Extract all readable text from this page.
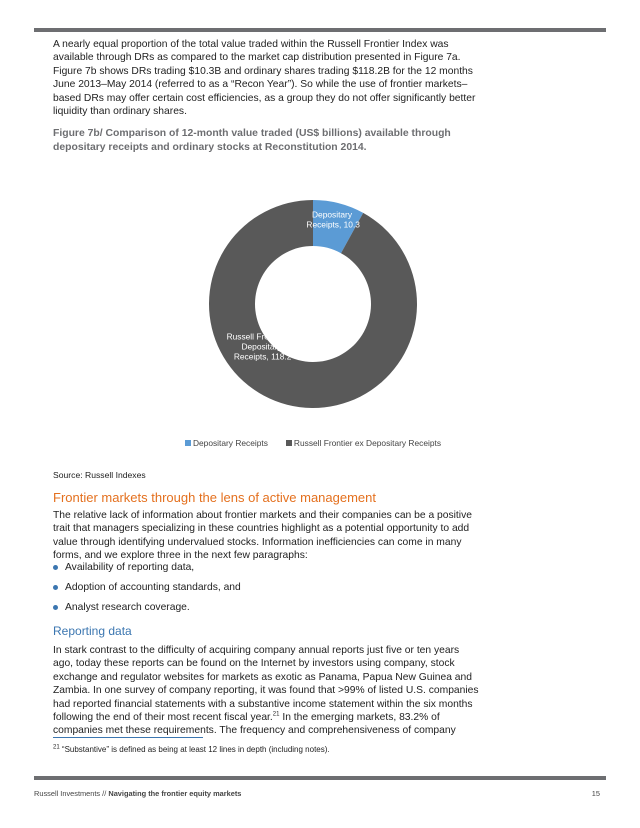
A nearly equal proportion of the total value traded within the Russell Frontier Index was
available through DRs as compared to the market cap distribution presented in Figure 7a.
Figure 7b shows DRs trading $10.3B and ordinary shares trading $118.2B for the 12 months
June 2013–May 2014 (referred to as a “Recon Year”). So while the use of frontier markets–
based DRs may offer certain cost efficiencies, as a group they do not offer significantly better
liquidity than ordinary shares.
Figure 7b/ Comparison of 12-month value traded (US$ billions) available through
depositary receipts and ordinary stocks at Reconstitution 2014.
Depositary Receipts, 10.3
Russell Frontier ex Depositary Receipts, 118.2
Depositary Receipts	Russell Frontier ex Depositary Receipts
Source: Russell Indexes
Frontier markets through the lens of active management
The relative lack of information about frontier markets and their companies can be a positive
trait that managers specializing in these countries highlight as a potential opportunity to add
value through identifying undervalued stocks. Information inefficiencies can come in many
forms, and we explore three in the next few paragraphs:
Availability of reporting data,
Adoption of accounting standards, and
Analyst research coverage.
Reporting data
In stark contrast to the difficulty of acquiring company annual reports just five or ten years
ago, today these reports can be found on the Internet by investors using company, stock
exchange and regulator websites for markets as exotic as Panama, Papua New Guinea and
Zambia. In one survey of company reporting, it was found that >99% of listed U.S. companies
had reported financial statements with a substantive income statement within the six months
following the end of their most recent fiscal year.$^{21}$ In the emerging markets, 83.2% of
companies met these requirements. The frequency and comprehensiveness of company
$^{21}$ “Substantive” is defined as being at least 12 lines in depth (including notes).
Russell Investments // Navigating the frontier equity markets	15
